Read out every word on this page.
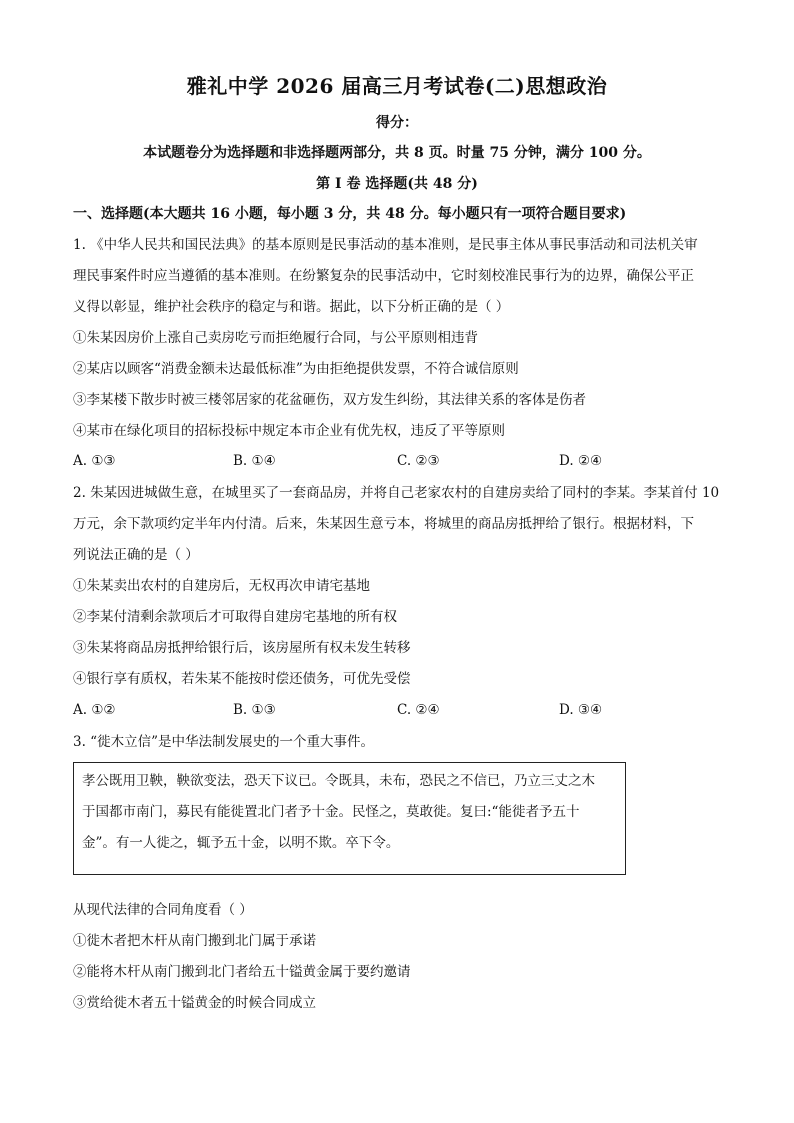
雅礼中学 2026 届高三月考试卷(二)思想政治
得分：
本试题卷分为选择题和非选择题两部分，共 8 页。时量 75 分钟，满分 100 分。
第 I 卷 选择题(共 48 分)
一、选择题(本大题共 16 小题，每小题 3 分，共 48 分。每小题只有一项符合题目要求)
1. 《中华人民共和国民法典》的基本原则是民事活动的基本准则，是民事主体从事民事活动和司法机关审
理民事案件时应当遵循的基本准则。在纷繁复杂的民事活动中，它时刻校准民事行为的边界，确保公平正
义得以彰显，维护社会秩序的稳定与和谐。据此，以下分析正确的是（ ）
①朱某因房价上涨自己卖房吃亏而拒绝履行合同，与公平原则相违背
②某店以顾客“消费金额未达最低标准”为由拒绝提供发票，不符合诚信原则
③李某楼下散步时被三楼邻居家的花盆砸伤，双方发生纠纷，其法律关系的客体是伤者
④某市在绿化项目的招标投标中规定本市企业有优先权，违反了平等原则
A. ①③	B. ①④	C. ②③	D. ②④
2. 朱某因进城做生意，在城里买了一套商品房，并将自己老家农村的自建房卖给了同村的李某。李某首付 10
万元，余下款项约定半年内付清。后来，朱某因生意亏本，将城里的商品房抵押给了银行。根据材料，下
列说法正确的是（ ）
①朱某卖出农村的自建房后，无权再次申请宅基地
②李某付清剩余款项后才可取得自建房宅基地的所有权
③朱某将商品房抵押给银行后，该房屋所有权未发生转移
④银行享有质权，若朱某不能按时偿还债务，可优先受偿
A. ①②	B. ①③	C. ②④	D. ③④
3. “徙木立信”是中华法制发展史的一个重大事件。
孝公既用卫鞅，鞅欲变法，恐天下议已。令既具，未布，恐民之不信已，乃立三丈之木
于国都市南门，募民有能徙置北门者予十金。民怪之，莫敢徙。复曰:“能徙者予五十
金”。有一人徙之，辄予五十金，以明不欺。卒下令。
从现代法律的合同角度看（ ）
①徙木者把木杆从南门搬到北门属于承诺
②能将木杆从南门搬到北门者给五十镒黄金属于要约邀请
③赏给徙木者五十镒黄金的时候合同成立
